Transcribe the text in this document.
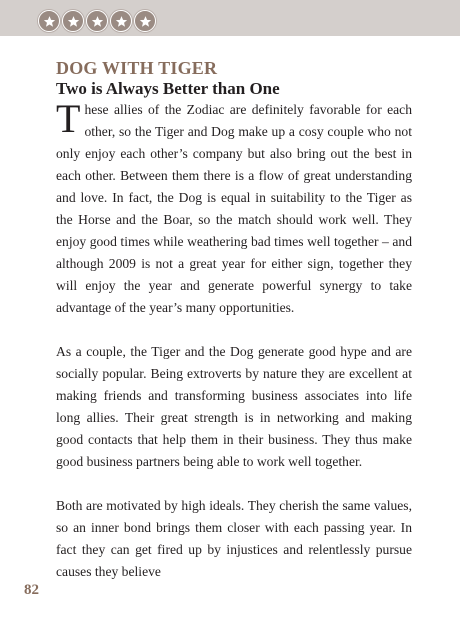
DOG WITH TIGER
Two is Always Better than One

These allies of the Zodiac are definitely favorable for each other, so the Tiger and Dog make up a cosy couple who not only enjoy each other’s company but also bring out the best in each other. Between them there is a flow of great understanding and love. In fact, the Dog is equal in suitability to the Tiger as the Horse and the Boar, so the match should work well. They enjoy good times while weathering bad times well together – and although 2009 is not a great year for either sign, together they will enjoy the year and generate powerful synergy to take advantage of the year’s many opportunities.

As a couple, the Tiger and the Dog generate good hype and are socially popular. Being extroverts by nature they are excellent at making friends and transforming business associates into life long allies. Their great strength is in networking and making good contacts that help them in their business. They thus make good business partners being able to work well together.

Both are motivated by high ideals. They cherish the same values, so an inner bond brings them closer with each passing year. In fact they can get fired up by injustices and relentlessly pursue causes they believe

82
